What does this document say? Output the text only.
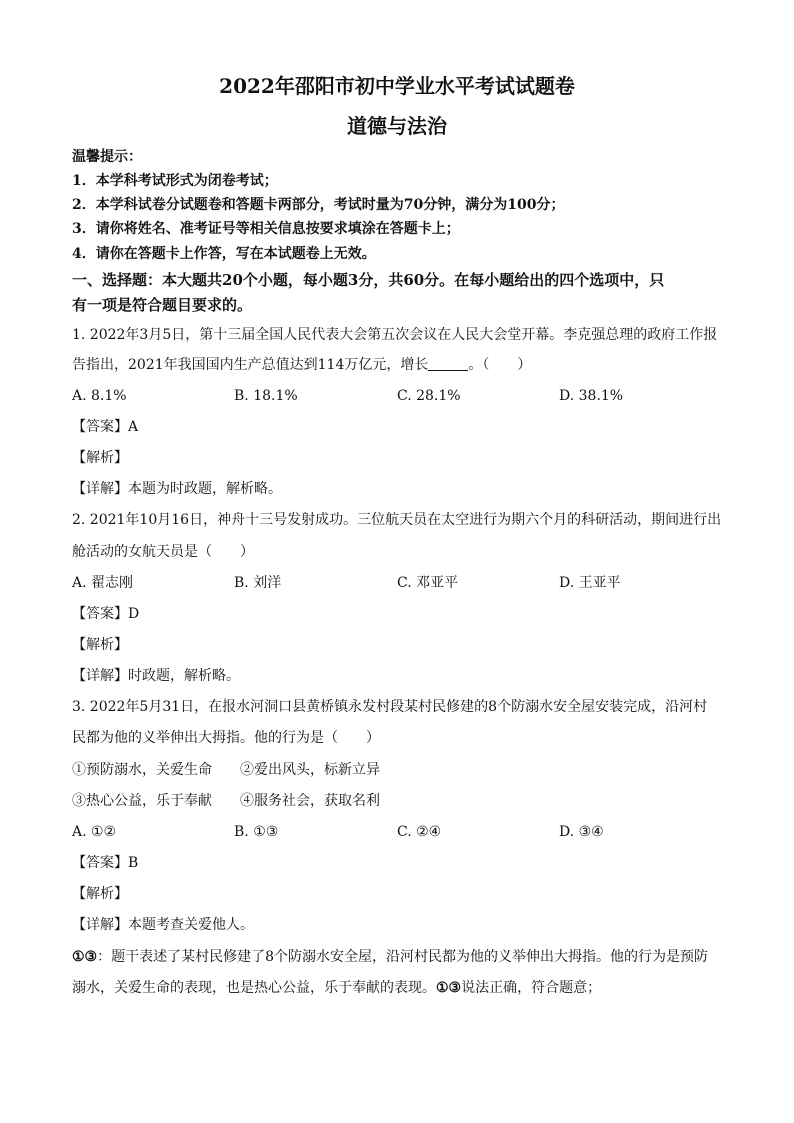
2022年邵阳市初中学业水平考试试题卷
道德与法治
温馨提示：
1．本学科考试形式为闭卷考试；
2．本学科试卷分试题卷和答题卡两部分，考试时量为70分钟，满分为100分；
3．请你将姓名、准考证号等相关信息按要求填涂在答题卡上；
4．请你在答题卡上作答，写在本试题卷上无效。
一、选择题：本大题共20个小题，每小题3分，共60分。在每小题给出的四个选项中，只
有一项是符合题目要求的。
1. 2022年3月5日，第十三届全国人民代表大会第五次会议在人民大会堂开幕。李克强总理的政府工作报
告指出，2021年我国国内生产总值达到114万亿元，增长	。（　　）
A. 8.1%	B. 18.1%	C. 28.1%	D. 38.1%
【答案】A
【解析】
【详解】本题为时政题，解析略。
2. 2021年10月16日，神舟十三号发射成功。三位航天员在太空进行为期六个月的科研活动，期间进行出
舱活动的女航天员是（　　）
A. 翟志刚	B. 刘洋	C. 邓亚平	D. 王亚平
【答案】D
【解析】
【详解】时政题，解析略。
3. 2022年5月31日，在报水河洞口县黄桥镇永发村段某村民修建的8个防溺水安全屋安装完成，沿河村
民都为他的义举伸出大拇指。他的行为是（　　）
①预防溺水，关爱生命　　②爱出风头，标新立异
③热心公益，乐于奉献　　④服务社会，获取名利
A. ①②	B. ①③	C. ②④	D. ③④
【答案】B
【解析】
【详解】本题考查关爱他人。
①③：题干表述了某村民修建了8个防溺水安全屋，沿河村民都为他的义举伸出大拇指。他的行为是预防
溺水，关爱生命的表现，也是热心公益，乐于奉献的表现。①③说法正确，符合题意；
